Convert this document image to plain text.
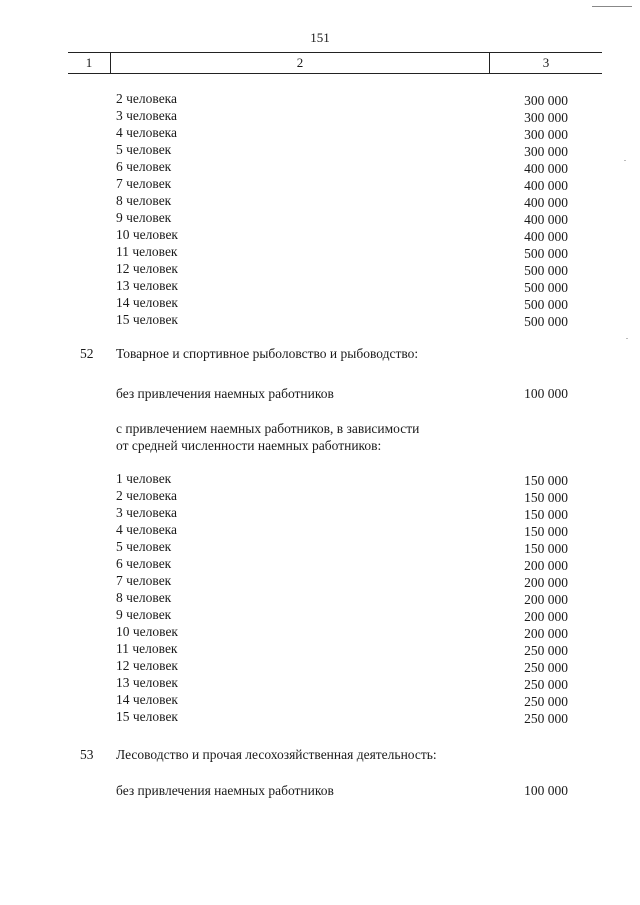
151
1	2	3
2 человека	300 000
3 человека	300 000
4 человека	300 000
5 человек	300 000
6 человек	400 000
7 человек	400 000
8 человек	400 000
9 человек	400 000
10 человек	400 000
11 человек	500 000
12 человек	500 000
13 человек	500 000
14 человек	500 000
15 человек	500 000
52 Товарное и спортивное рыболовство и рыбоводство:
без привлечения наемных работников	100 000
с привлечением наемных работников, в зависимости
от средней численности наемных работников:
1 человек	150 000
2 человека	150 000
3 человека	150 000
4 человека	150 000
5 человек	150 000
6 человек	200 000
7 человек	200 000
8 человек	200 000
9 человек	200 000
10 человек	200 000
11 человек	250 000
12 человек	250 000
13 человек	250 000
14 человек	250 000
15 человек	250 000
53 Лесоводство и прочая лесохозяйственная деятельность:
без привлечения наемных работников	100 000
